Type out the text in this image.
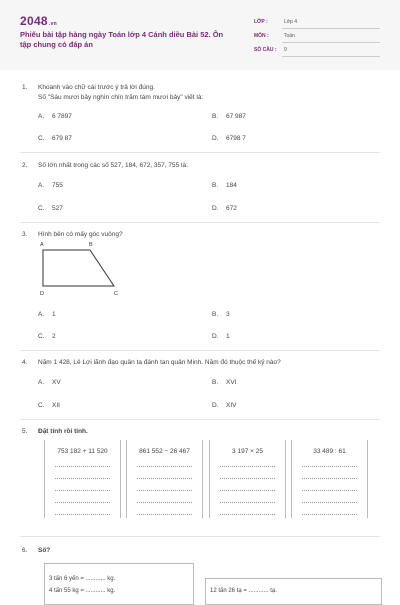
2048.vn
Phiếu bài tập hàng ngày Toán lớp 4 Cánh diều Bài 52. Ôn tập chung có đáp án
LỚP :	Lớp 4
MÔN :	Toán
SỐ CÂU : 9
1. Khoanh vào chữ cái trước ý trả lời đúng.
Số "Sáu mươi bảy nghìn chín trăm tám mươi bảy" viết là:
A. 6 7897	B. 67 987
C. 679 87	D. 6798 7
2. Số lớn nhất trong các số 527, 184, 672, 357, 755 là:
A. 755	B. 184
C. 527	D. 672
3. Hình bên có mấy góc vuông?
A	B
C
D
A. 1	B. 3
C. 2	D. 1
4. Năm 1 428, Lê Lợi lãnh đạo quân ta đánh tan quân Minh. Năm đó thuộc thế kỷ nào?
A. XV	B. XVI
C. XII	D. XIV
5. Đặt tính rồi tính.
753 182 + 11 520	861 552 − 26 467	3 197 × 25	33 489 : 61
6. Số?
3 tấn 6 yến = ............ kg.
4 tấn 55 kg = ............ kg.	12 tấn 26 tạ = ............ tạ.
